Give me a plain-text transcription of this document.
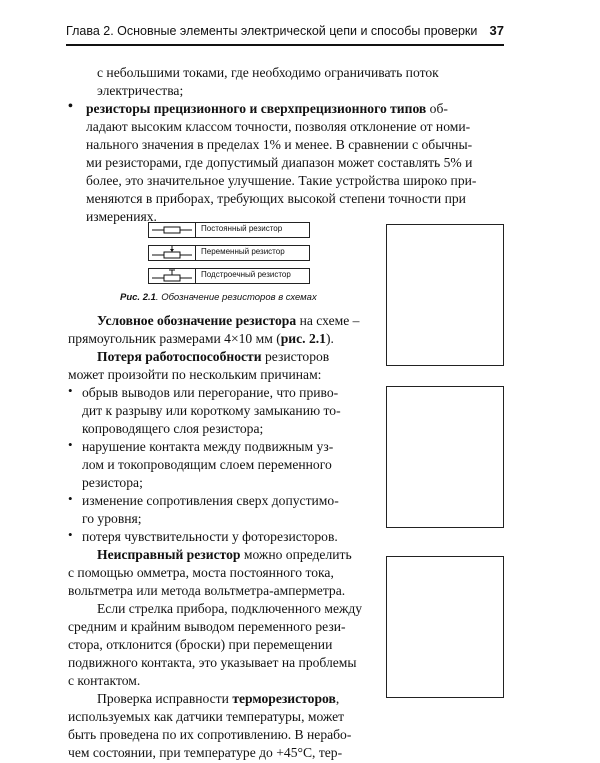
Глава 2. Основные элементы электрической цепи и способы проверки 37
с небольшими токами, где необходимо ограничивать поток
электричества;
• резисторы прецизионного и сверхпрецизионного типов об-
ладают высоким классом точности, позволяя отклонение от номи-
нального значения в пределах 1% и менее. В сравнении с обычны-
ми резисторами, где допустимый диапазон может составлять 5% и
более, это значительное улучшение. Такие устройства широко при-
меняются в приборах, требующих высокой степени точности при
измерениях.
Постоянный резистор
Переменный резистор
Подстроечный резистор
Рис. 2.1. Обозначение резисторов в схемах
Условное обозначение резистора на схеме –
прямоугольник размерами 4×10 мм (рис. 2.1).
Потеря работоспособности резисторов
может произойти по нескольким причинам:
• обрыв выводов или перегорание, что приво-
дит к разрыву или короткому замыканию то-
копроводящего слоя резистора;
• нарушение контакта между подвижным уз-
лом и токопроводящим слоем переменного
резистора;
• изменение сопротивления сверх допустимо-
го уровня;
• потеря чувствительности у фоторезисторов.
Неисправный резистор можно определить
с помощью омметра, моста постоянного тока,
вольтметра или метода вольтметра-амперметра.
Если стрелка прибора, подключенного между
средним и крайним выводом переменного рези-
стора, отклонится (броски) при перемещении
подвижного контакта, это указывает на проблемы
с контактом.
Проверка исправности терморезисторов,
используемых как датчики температуры, может
быть проведена по их сопротивлению. В нерабо-
чем состоянии, при температуре до +45°С, тер-
